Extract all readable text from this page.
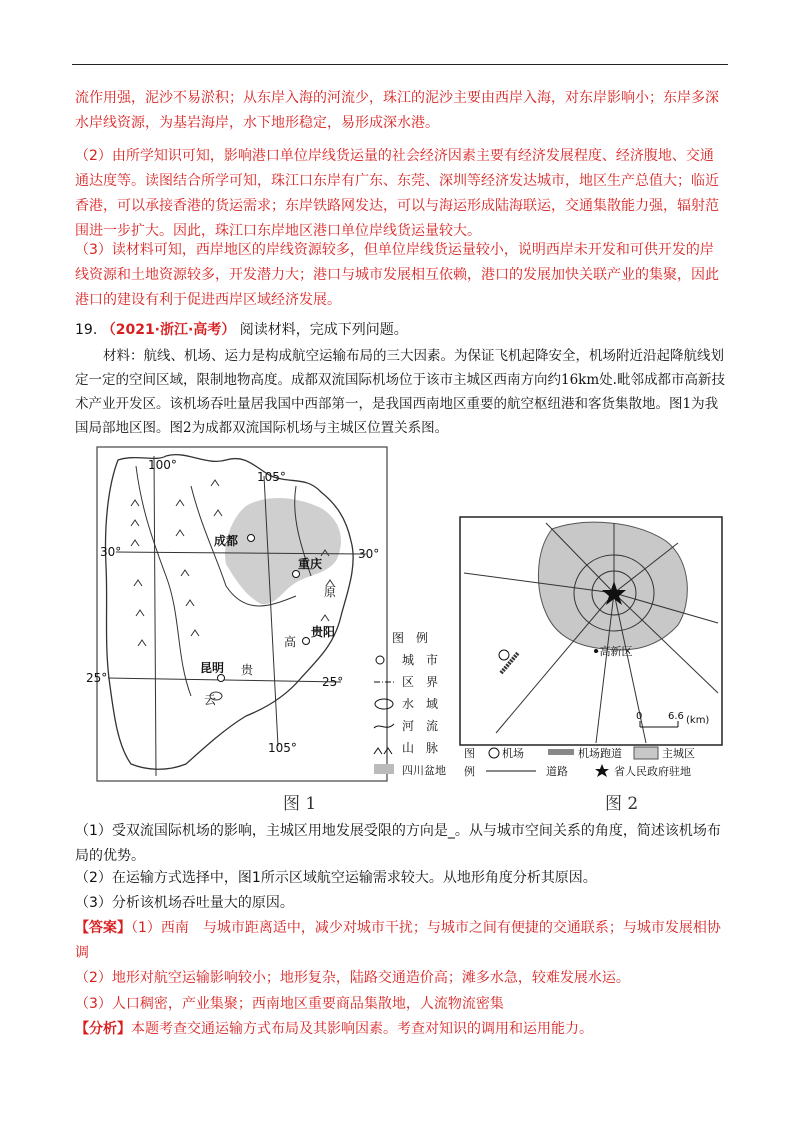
流作用强，泥沙不易淤积；从东岸入海的河流少，珠江的泥沙主要由西岸入海，对东岸影响小；东岸多深水岸线资源，为基岩海岸，水下地形稳定，易形成深水港。

（2）由所学知识可知，影响港口单位岸线货运量的社会经济因素主要有经济发展程度、经济腹地、交通通达度等。读图结合所学可知，珠江口东岸有广东、东莞、深圳等经济发达城市，地区生产总值大；临近香港，可以承接香港的货运需求；东岸铁路网发达，可以与海运形成陆海联运，交通集散能力强，辐射范围进一步扩大。因此，珠江口东岸地区港口单位岸线货运量较大。

（3）读材料可知，西岸地区的岸线资源较多，但单位岸线货运量较小，说明西岸未开发和可供开发的岸线资源和土地资源较多，开发潜力大；港口与城市发展相互依赖，港口的发展加快关联产业的集聚，因此港口的建设有利于促进西岸区域经济发展。

19. （2021·浙江·高考） 阅读材料，完成下列问题。

材料：航线、机场、运力是构成航空运输布局的三大因素。为保证飞机起降安全，机场附近沿起降航线划定一定的空间区域，限制地物高度。成都双流国际机场位于该市主城区西南方向约16km处.毗邻成都市高新技术产业开发区。该机场吞吐量居我国中西部第一，是我国西南地区重要的航空枢纽港和客货集散地。图1为我国局部地区图。图2为成都双流国际机场与主城区位置关系图。

100°
105°
105°
30°	30°
25°	25°
成都
重庆
贵阳
昆明
云
贵
高
原
图　例
城　市
区　界
水　域
河　流
山　脉
四川盆地
·高新区
0	6.6 (km)
图
例
机场	机场跑道	主城区
道路	省人民政府驻地
图 1	图 2

（1）受双流国际机场的影响，主城区用地发展受限的方向是_。从与城市空间关系的角度，简述该机场布局的优势。

（2）在运输方式选择中，图1所示区域航空运输需求较大。从地形角度分析其原因。

（3）分析该机场吞吐量大的原因。

【答案】（1）西南　与城市距离适中，减少对城市干扰；与城市之间有便捷的交通联系；与城市发展相协调

（2）地形对航空运输影响较小；地形复杂，陆路交通造价高；滩多水急，较难发展水运。

（3）人口稠密，产业集聚；西南地区重要商品集散地，人流物流密集

【分析】本题考查交通运输方式布局及其影响因素。考查对知识的调用和运用能力。
